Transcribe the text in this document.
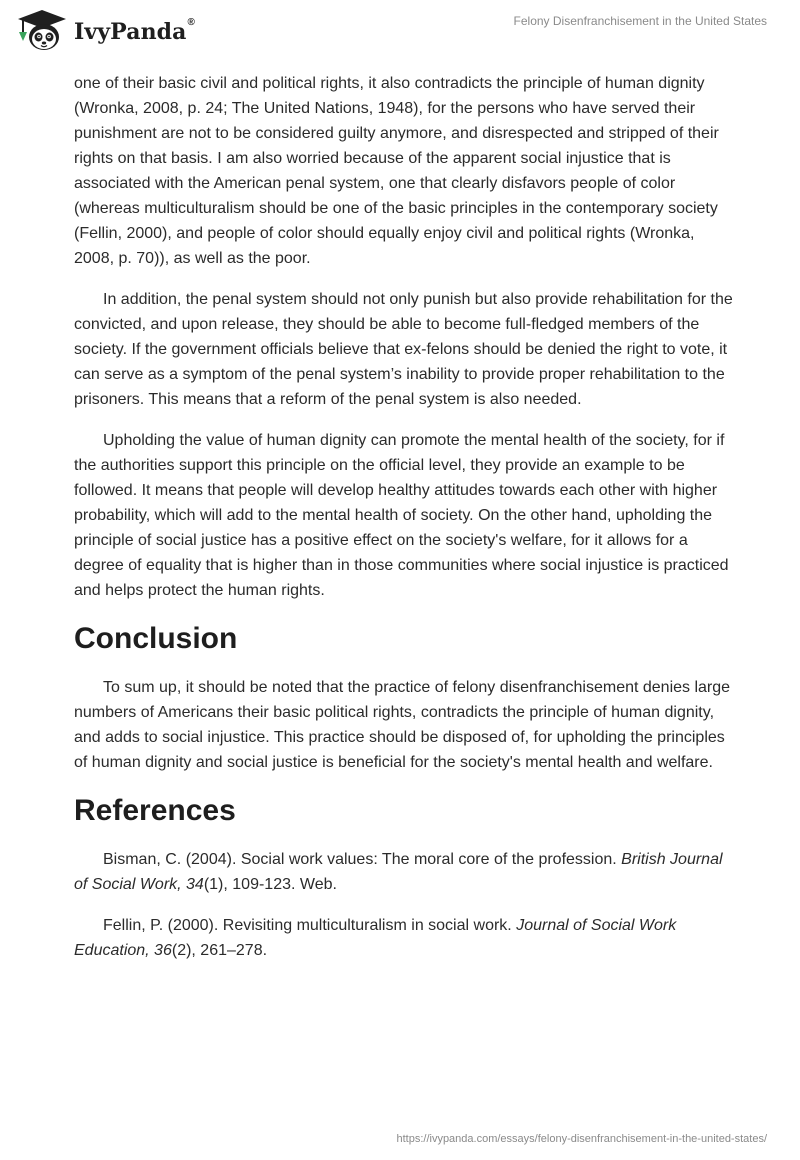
IvyPanda®	Felony Disenfranchisement in the United States

one of their basic civil and political rights, it also contradicts the principle of human dignity (Wronka, 2008, p. 24; The United Nations, 1948), for the persons who have served their punishment are not to be considered guilty anymore, and disrespected and stripped of their rights on that basis. I am also worried because of the apparent social injustice that is associated with the American penal system, one that clearly disfavors people of color (whereas multiculturalism should be one of the basic principles in the contemporary society (Fellin, 2000), and people of color should equally enjoy civil and political rights (Wronka, 2008, p. 70)), as well as the poor.

In addition, the penal system should not only punish but also provide rehabilitation for the convicted, and upon release, they should be able to become full-fledged members of the society. If the government officials believe that ex-felons should be denied the right to vote, it can serve as a symptom of the penal system’s inability to provide proper rehabilitation to the prisoners. This means that a reform of the penal system is also needed.

Upholding the value of human dignity can promote the mental health of the society, for if the authorities support this principle on the official level, they provide an example to be followed. It means that people will develop healthy attitudes towards each other with higher probability, which will add to the mental health of society. On the other hand, upholding the principle of social justice has a positive effect on the society's welfare, for it allows for a degree of equality that is higher than in those communities where social injustice is practiced and helps protect the human rights.

Conclusion

To sum up, it should be noted that the practice of felony disenfranchisement denies large numbers of Americans their basic political rights, contradicts the principle of human dignity, and adds to social injustice. This practice should be disposed of, for upholding the principles of human dignity and social justice is beneficial for the society's mental health and welfare.

References

Bisman, C. (2004). Social work values: The moral core of the profession. British Journal of Social Work, 34(1), 109-123. Web.

Fellin, P. (2000). Revisiting multiculturalism in social work. Journal of Social Work Education, 36(2), 261–278.

https://ivypanda.com/essays/felony-disenfranchisement-in-the-united-states/
